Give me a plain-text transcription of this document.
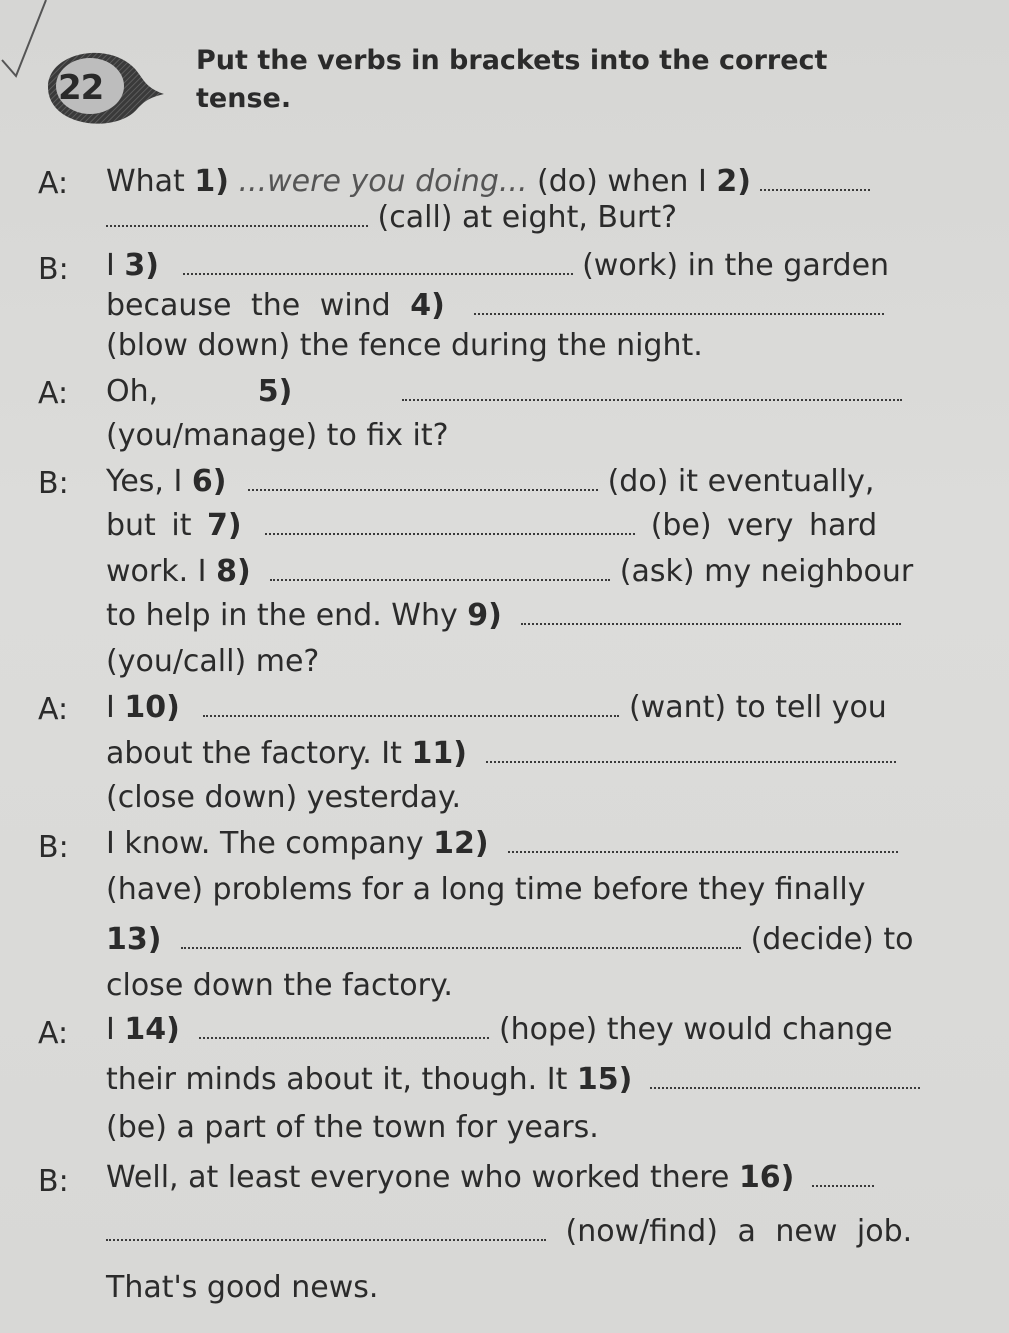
22
Put the verbs in brackets into the correct tense.
A: What 1) ...were you doing... (do) when I 2)
(call) at eight, Burt?
B: I 3)	(work) in the garden
because the wind 4)
(blow down) the fence during the night.
A: Oh,	5)
(you/manage) to fix it?
B: Yes, I 6)	(do) it eventually,
but it 7)	(be) very hard
work. I 8)	(ask) my neighbour
to help in the end. Why 9)
(you/call) me?
A: I 10)	(want) to tell you
about the factory. It 11)
(close down) yesterday.
B: I know. The company 12)
(have) problems for a long time before they finally
13)	(decide) to
close down the factory.
A: I 14)	(hope) they would change
their minds about it, though. It 15)
(be) a part of the town for years.
B: Well, at least everyone who worked there 16)
(now/find) a new job.
That's good news.
